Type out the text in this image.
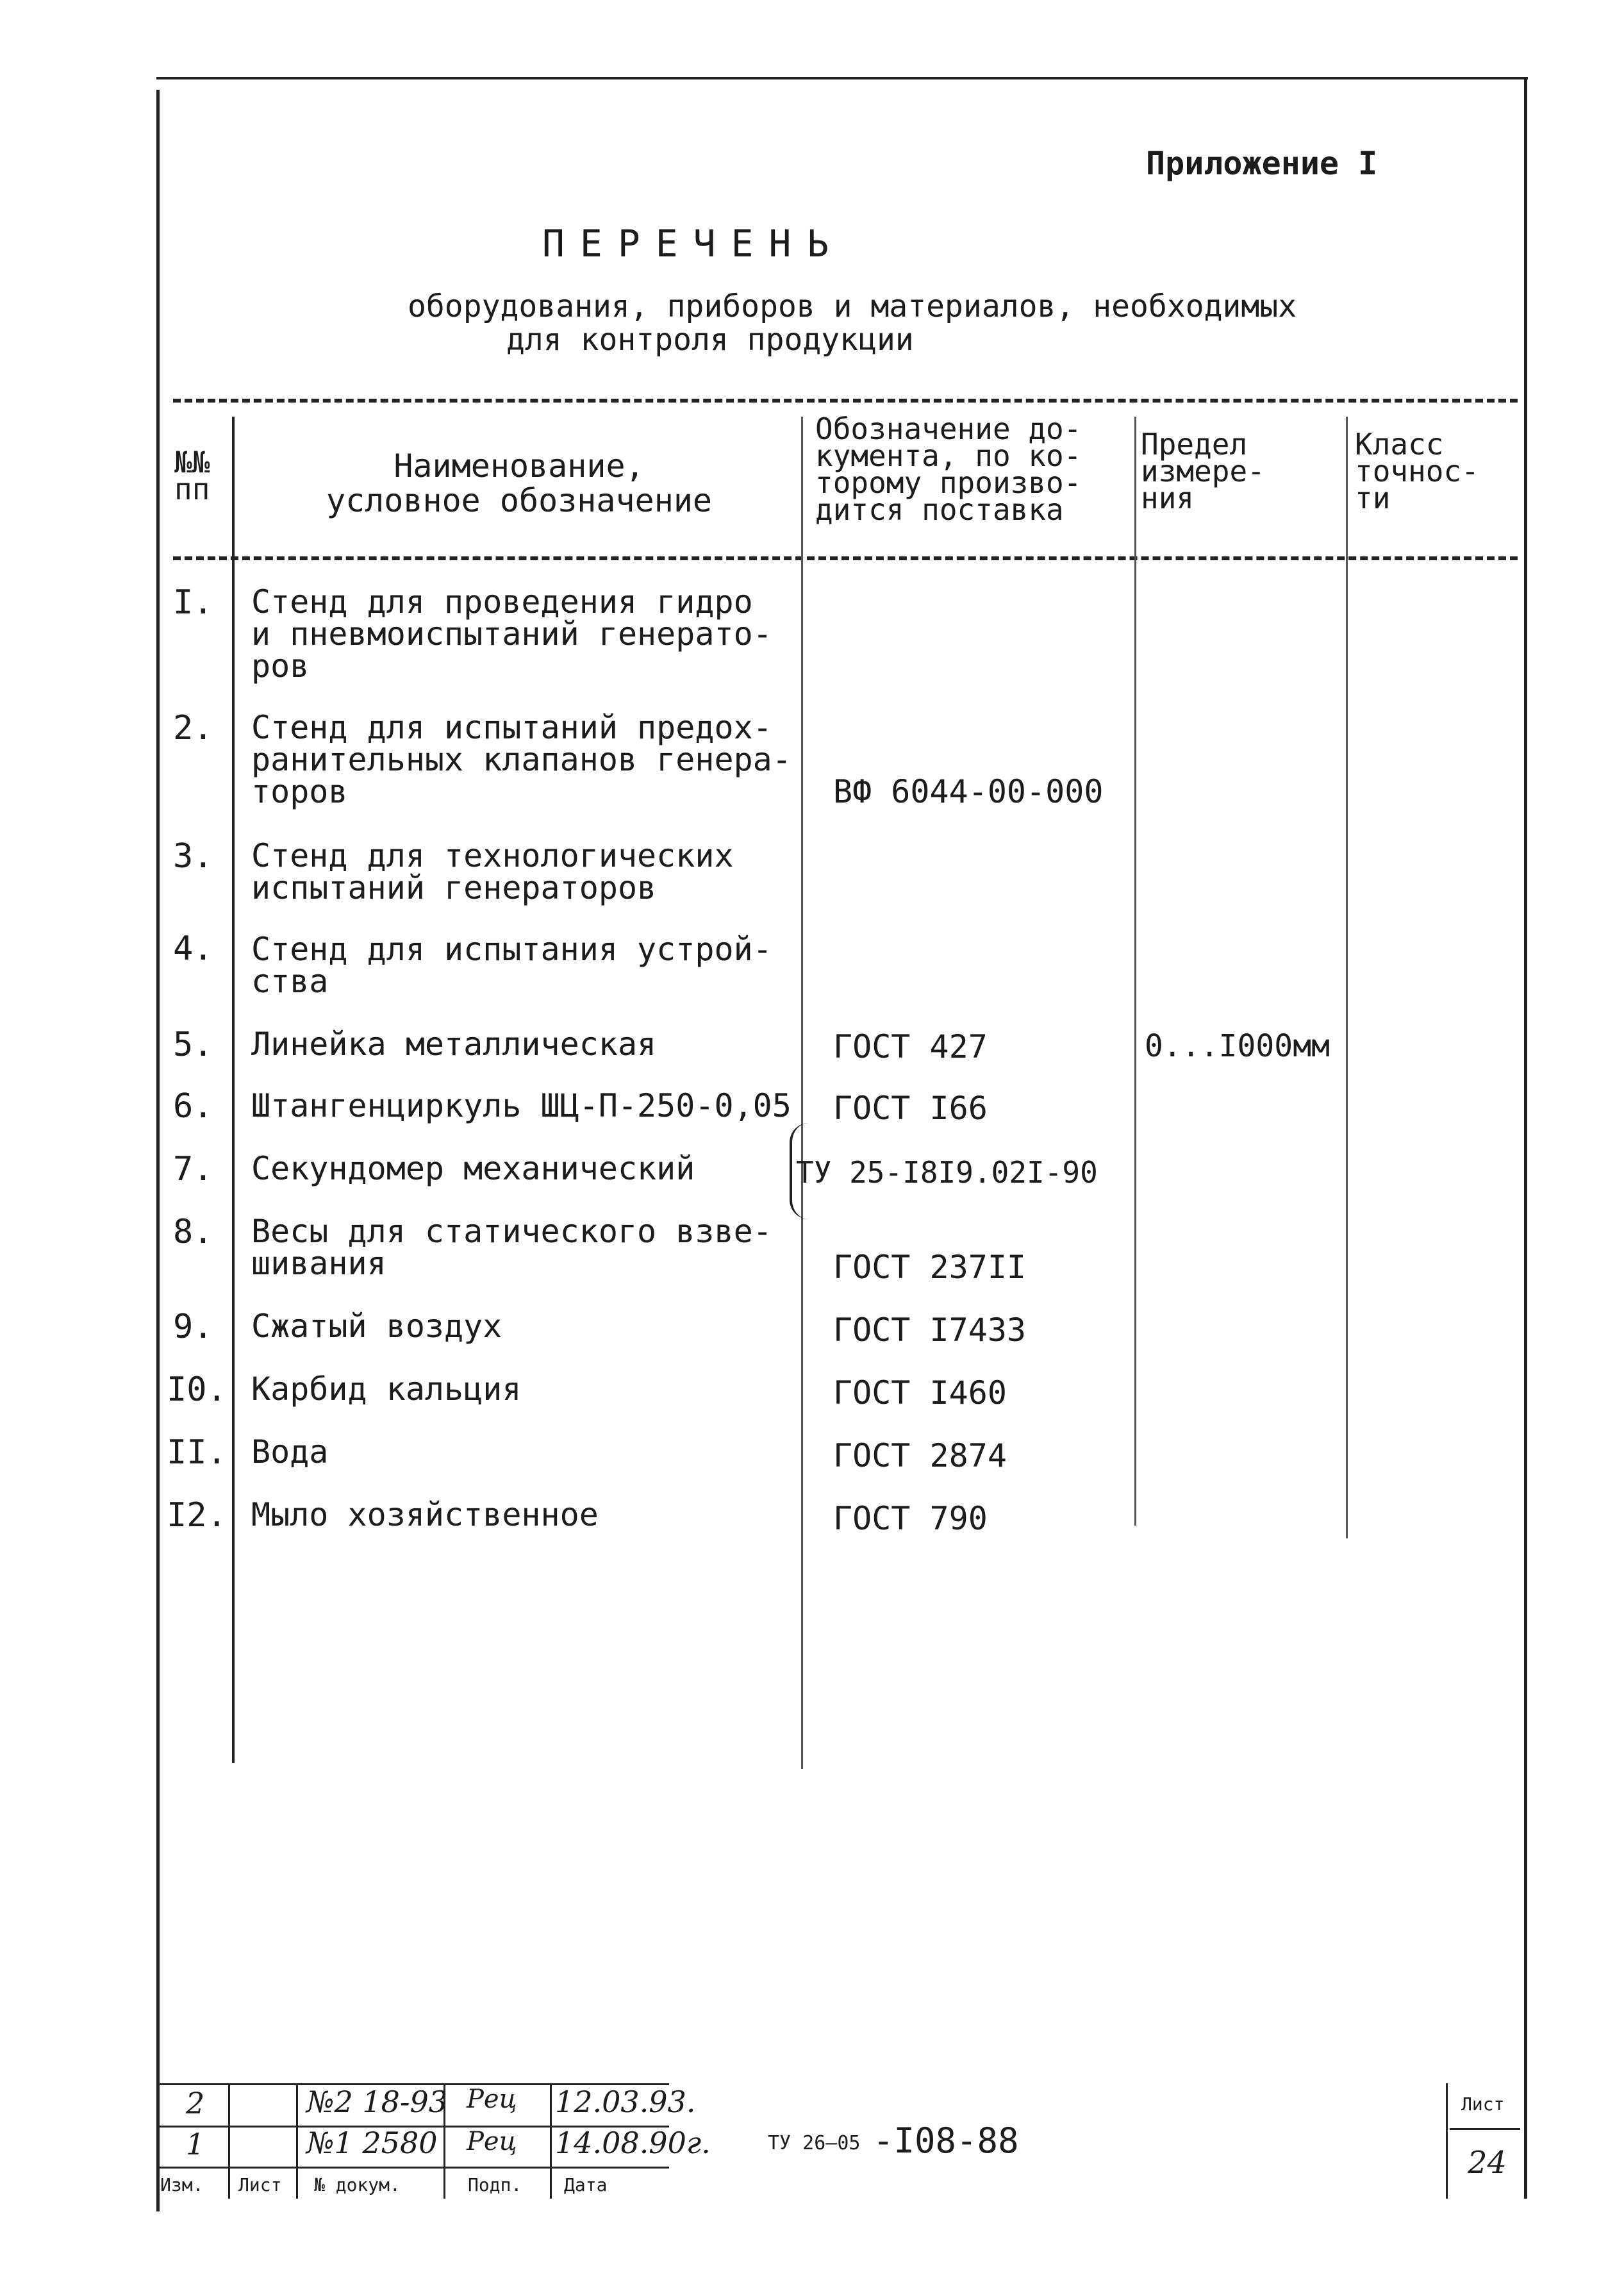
Приложение I
ПЕРЕЧЕНЬ
оборудования, приборов и материалов, необходимых
для контроля продукции
№№
пп
Наименование,
условное обозначение
Обозначение до-
кумента, по ко-
торому произво-
дится поставка
Предел
измере-
ния
Класс
точнос-
ти
I.
2.
3.
4.
5.
6.
7.
8.
9.
I0.
II.
I2.
Стенд для проведения гидро
и пневмоиспытаний генерато-
ров
Стенд для испытаний предох-
ранительных клапанов генера-
торов
Стенд для технологических
испытаний генераторов
Стенд для испытания устрой-
ства
Линейка металлическая
Штангенциркуль ШЦ-П-250-0,05
Секундомер механический
Весы для статического взве-
шивания
Сжатый воздух
Карбид кальция
Вода
Мыло хозяйственное
ВФ 6044-00-000
ГОСТ 427
ГОСТ I66
ТУ 25-I8I9.02I-90
ГОСТ 237II
ГОСТ I7433
ГОСТ I460
ГОСТ 2874
ГОСТ 790
0...I000мм
2
1
№2 18-93
№1 2580
Рец
Рец
12.03.93.
14.08.90г.
Изм. Лист № докум.	Подп. Дата
ТУ 26—05 -I08-88
Лист
24
